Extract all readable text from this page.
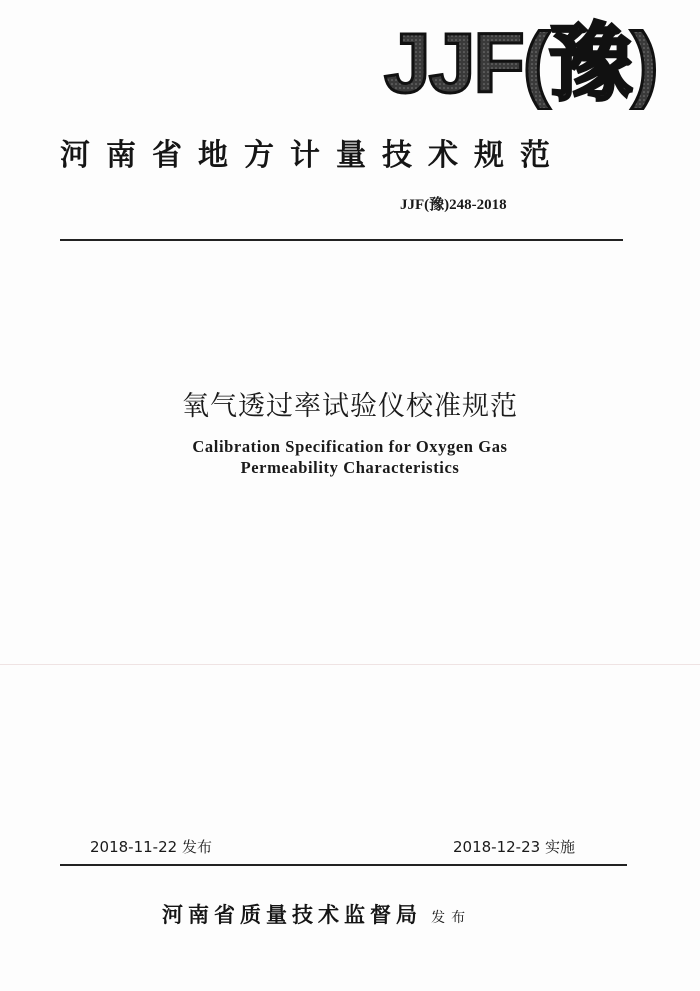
JJF(豫)
河南省地方计量技术规范
JJF(豫)248-2018
氧气透过率试验仪校准规范
Calibration Specification for Oxygen Gas
Permeability Characteristics
2018-11-22 发布	2018-12-23 实施
河南省质量技术监督局 发布
